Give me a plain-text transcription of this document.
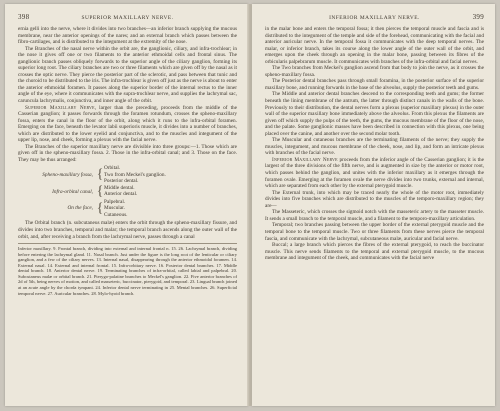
398	SUPERIOR MAXILLARY NERVE.

ernia gelli into the nerve, where it divides into two branches—an inferior branch supplying the mucous membrane, near the anterior openings of the nares; and an external branch which passes between the fibro-cartilages, and is distributed to the integument at the extremity of the nose.

The Branches of the nasal nerve within the orbit are, the ganglionic, ciliary, and infra-trochlear; in the nose it gives off one or two filaments to the anterior ethmoidal cells and frontal sinus. The ganglionic branch passes obliquely forwards to the superior angle of the ciliary ganglion, forming its superior long root. The ciliary branches are two or three filaments which are given off by the nasal as it crosses the optic nerve. They pierce the posterior part of the sclerotic, and pass between that tunic and the choroid to be distributed to the iris. The infra-trochlear is given off just as the nerve is about to enter the anterior ethmoidal foramen. It passes along the superior border of the internal rectus to the inner angle of the eye, where it communicates with the supra-trochlear nerve, and supplies the lachrymal sac, caruncula lachrymalis, conjunctiva, and inner angle of the orbit.

Superior Maxillary Nerve, larger than the preceding, proceeds from the middle of the Casserian ganglion; it passes forwards through the foramen rotundum, crosses the spheno-maxillary fossa, enters the canal in the floor of the orbit, along which it runs to the infra-orbital foramen. Emerging on the face, beneath the levator labii superioris muscle, it divides into a number of branches, which are distributed to the lower eyelid and conjunctiva, and to the muscles and integument of the upper lip, nose, and cheek, forming a plexus with the facial nerve.

The Branches of the superior maxillary nerve are divisible into three groups:—1. Those which are given off in the spheno-maxillary fossa. 2. Those in the infra-orbital canal; and 3. Those on the face. They may be thus arranged:

Spheno-maxillary fossa, { Orbital.
Two from Meckel's ganglion.
Posterior dental.
Infra-orbital canal, { Middle dental.
Anterior dental.
On the face, { Palpebral.
Muscular.
Cutaneous.

The Orbital branch (n. subcutaneus malæ) enters the orbit through the spheno-maxillary fissure, and divides into two branches, temporal and malar; the temporal branch ascends along the outer wall of the orbit, and, after receiving a branch from the lachrymal nerve, passes through a canal

Inferior maxillary. 9. Frontal branch, dividing into external and internal frontal n. 15. 26. Lachrymal branch, dividing before entering the lachrymal gland. 11. Nasal branch. Just under the figure is the long root of the lenticular or ciliary ganglion, and a few of the ciliary nerves. 13. Internal nasal, disappearing through the anterior ethmoidal foramen. 14. External nasal. 14. External and internal frontal. 15. Infra-orbitary nerve. 16. Posterior dental branches. 17. Middle dental branch. 18. Anterior dental nerve. 19. Terminating branches of infra-orbital, called labial and palpebral. 20. Subcutaneus malæ or orbital branch. 21. Pterygo-palatine branches to Meckel's ganglion. 22. Five anterior branches of 2d of 5th, being nerves of motion, and called masseteric, buccinator, pterygoid, and temporal. 23. Lingual branch joined at an acute angle by the chorda tympani. 24. Inferior dental nerve terminating in 25. Mental branches. 26. Superficial temporal nerve. 27. Auricular branches. 28. Mylo-hyoid branch.
INFERIOR MAXILLARY NERVE.	399

in the malar bone and enters the temporal fossa; it then pierces the temporal muscle and fascia and is distributed to the integument of the temple and side of the forehead, communicating with the facial and anterior auricular nerve. In the temporal fossa it communicates with the deep temporal nerves. The malar, or inferior branch, takes its course along the lower angle of the outer wall of the orbit, and emerges upon the cheek through an opening in the malar bone, passing between its fibres of the orbicularis palpebrarum muscle. It communicates with branches of the infra-orbital and facial nerves.

The Two branches from Meckel's ganglion ascend from that body to join the nerve, as it crosses the spheno-maxillary fossa.

The Posterior dental branches pass through small foramina, in the posterior surface of the superior maxillary bone, and running forwards in the base of the alveolus, supply the posterior teeth and gums.

The Middle and anterior dental branches descend to the corresponding teeth and gums; the former beneath the lining membrane of the antrum, the latter through distinct canals in the walls of the bone. Previously to their distribution, the dental nerves form a plexus (superior maxillary plexus) in the outer wall of the superior maxillary bone immediately above the alveolus. From this plexus the filaments are given off which supply the pulps of the teeth, the gums, the mucous membrane of the floor of the nose, and the palate. Some ganglionic masses have been described in connection with this plexus, one being placed over the canine, and another over the second molar tooth.

The Muscular and cutaneous branches are the terminating filaments of the nerve; they supply the muscles, integument, and mucous membrane of the cheek, nose, and lip, and form an intricate plexus with branches of the facial nerve.

Inferior Maxillary Nerve proceeds from the inferior angle of the Casserian ganglion; it is the largest of the three divisions of the fifth nerve, and is augmented in size by the anterior or motor root, which passes behind the ganglion, and unites with the inferior maxillary as it emerges through the foramen ovale. Emerging at the foramen ovale the nerve divides into two trunks, external and internal, which are separated from each other by the external pterygoid muscle.

The External trunk, into which may be traced nearly the whole of the motor root, immediately divides into five branches which are distributed to the muscles of the temporo-maxillary region; they are—

The Masseteric, which crosses the sigmoid notch with the masseteric artery to the masseter muscle. It sends a small branch to the temporal muscle, and a filament to the temporo-maxillary articulation.

Temporal; two branches passing between the upper border of the external pterygoid muscle and the temporal bone to the temporal muscle. Two or three filaments from these nerves pierce the temporal fascia, and communicate with the lachrymal, subcutaneous malæ, auricular and facial nerve.

Buccal; a large branch which pierces the fibres of the external pterygoid, to reach the buccinator muscle. This nerve sends filaments to the temporal and external pterygoid muscle, to the mucous membrane and integument of the cheek, and communicates with the facial nerve
